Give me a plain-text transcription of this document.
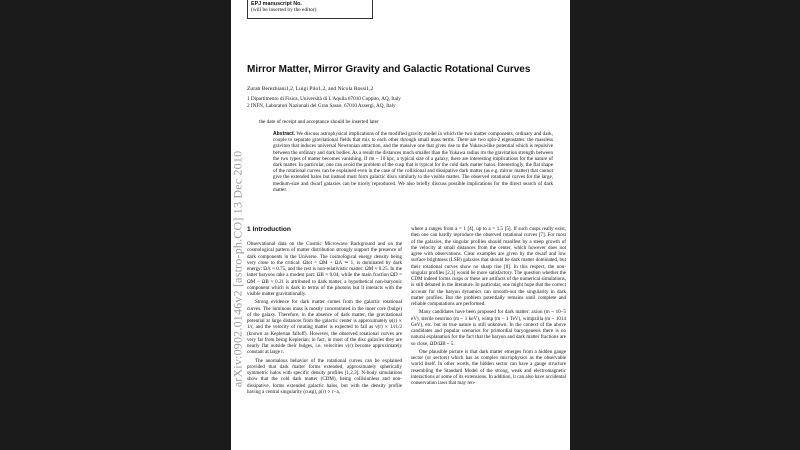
EPJ manuscript No.
(will be inserted by the editor)
Mirror Matter, Mirror Gravity and Galactic Rotational Curves
Zurab Berezhiani1,2, Luigi Pilo1,2, and Nicola Rossi1,2
1 Dipartimento di Fisica, Università di L'Aquila 67010 Coppito, AQ, Italy
2 INFN, Laboratori Nazionali del Gran Sasso, 67010 Assergi, AQ, Italy
the date of receipt and acceptance should be inserted later
Abstract. We discuss astrophysical implications of the modified gravity model in which the two matter components, ordinary and dark, couple to separate gravitational fields that mix to each other through small mass terms. There are two spin-2 eigenstates: the massless graviton that induces universal Newtonian attraction, and the massive one that gives rise to the Yukawa-like potential which is repulsive between the ordinary and dark bodies. As a result the distances much smaller than the Yukawa radius rm the gravitation strength between the two types of matter becomes vanishing. If rm ~ 10 kpc, a typical size of a galaxy, there are interesting implications for the nature of dark matter. In particular, one can avoid the problem of the cusp that is typical for the cold dark matter halos. Interestingly, the flat shape of the rotational curves can be explained even in the case of the collisional and dissipative dark matter (as e.g. mirror matter) that cannot give the extended halos but instead must form galactic discs similarly to the visible matter. The observed rotational curves for the large, medium-size and dwarf galaxies can be nicely reproduced. We also briefly discuss possible implications for the direct search of dark matter.
1 Introduction

Observational data on the Cosmic Microwave Background and on the cosmological pattern of matter distribution strongly support the presence of dark components in the Universe. The cosmological energy density being very close to the critical: Ωtot = ΩM + ΩΛ ≃ 1, is dominated by dark energy: ΩΛ ≈ 0.75, and the rest is non-relativistic matter: ΩM ≈ 0.25. In the latter baryons take a modest part: ΩB ≈ 0.04, while the main fraction ΩD = ΩM − ΩB ≈ 0.21 is attributed to dark matter, a hypothetical non-baryonic component which is dark in terms of the photons but it interacts with the visible matter gravitationally.

Strong evidence for dark matter comes from the galactic rotational curves. The luminous mass is mostly concentrated in the inner core (bulge) of the galaxy. Therefore, in the absence of dark matter, the gravitational potential at large distances from the galactic center is approximately φ(r) ∝ 1/r, and the velocity of rotating matter is expected to fall as v(r) ∝ 1/r1/2 (known as Keplerian falloff). However, the observed rotational curves are very far from being Keplerian; in fact, in most of the disc galaxies they are nearly flat outside their bulges, i.e. velocities v(r) become approximately constant at large r.

The anomalous behavior of the rotational curves can be explained provided that dark matter forms extended, approximately spherically symmetric halos with specific density profiles [1,2,3]. N-body simulations show that the cold dark matter (CDM), being collisionless and non-dissipative, forms extended galactic halos, but with the density profile having a central singularity (cusp), ρ(r) ∝ r−a,

where a ranges from a = 1 [4], up to a = 1.5 [5]. If such cusps really exist, then one can hardly reproduce the observed rotational curves [7]. For most of the galaxies, the singular profiles should manifest by a steep growth of the velocity at small distances from the center, which however does not agree with observations. Clear examples are given by the dwarf and low surface brightness (LSB) galaxies that should be dark matter dominated, but their rotational curves show no sharp rise [8]. In this respect, the non-singular profiles [2,3] would be more satisfactory. The question whether the CDM indeed forms cusps or these are artifacts of the numerical simulations, is still debated in the literature. In particular, one might hope that the correct account for the baryon dynamics can smooth-out the singularity in dark matter profiles. But the problem potentially remains until complete and reliable computations are performed.

Many candidates have been proposed for dark matter: axion (m ~ 10−5 eV), sterile neutrino (m ~ 1 keV), wimp (m ~ 1 TeV), wimpzilla (m ~ 1014 GeV), etc. but its true nature is still unknown. In the context of the above candidates and popular scenarios for primordial baryogenesis there is no natural explanation for the fact that the baryon and dark matter fractions are so close, ΩD/ΩB ~ 5.

One plausible picture is that dark matter emerges from a hidden gauge sector (or sectors) which has as complex microphysics as the observable world itself. In other words, the hidden sector can have a gauge structure resembling the Standard Model of the strong, weak and electromagnetic interactions or some of its extensions. In addition, it can also have accidental conservation laws that may ren-

arXiv:0902.0146v2 [astro-ph.CO] 13 Dec 2010
